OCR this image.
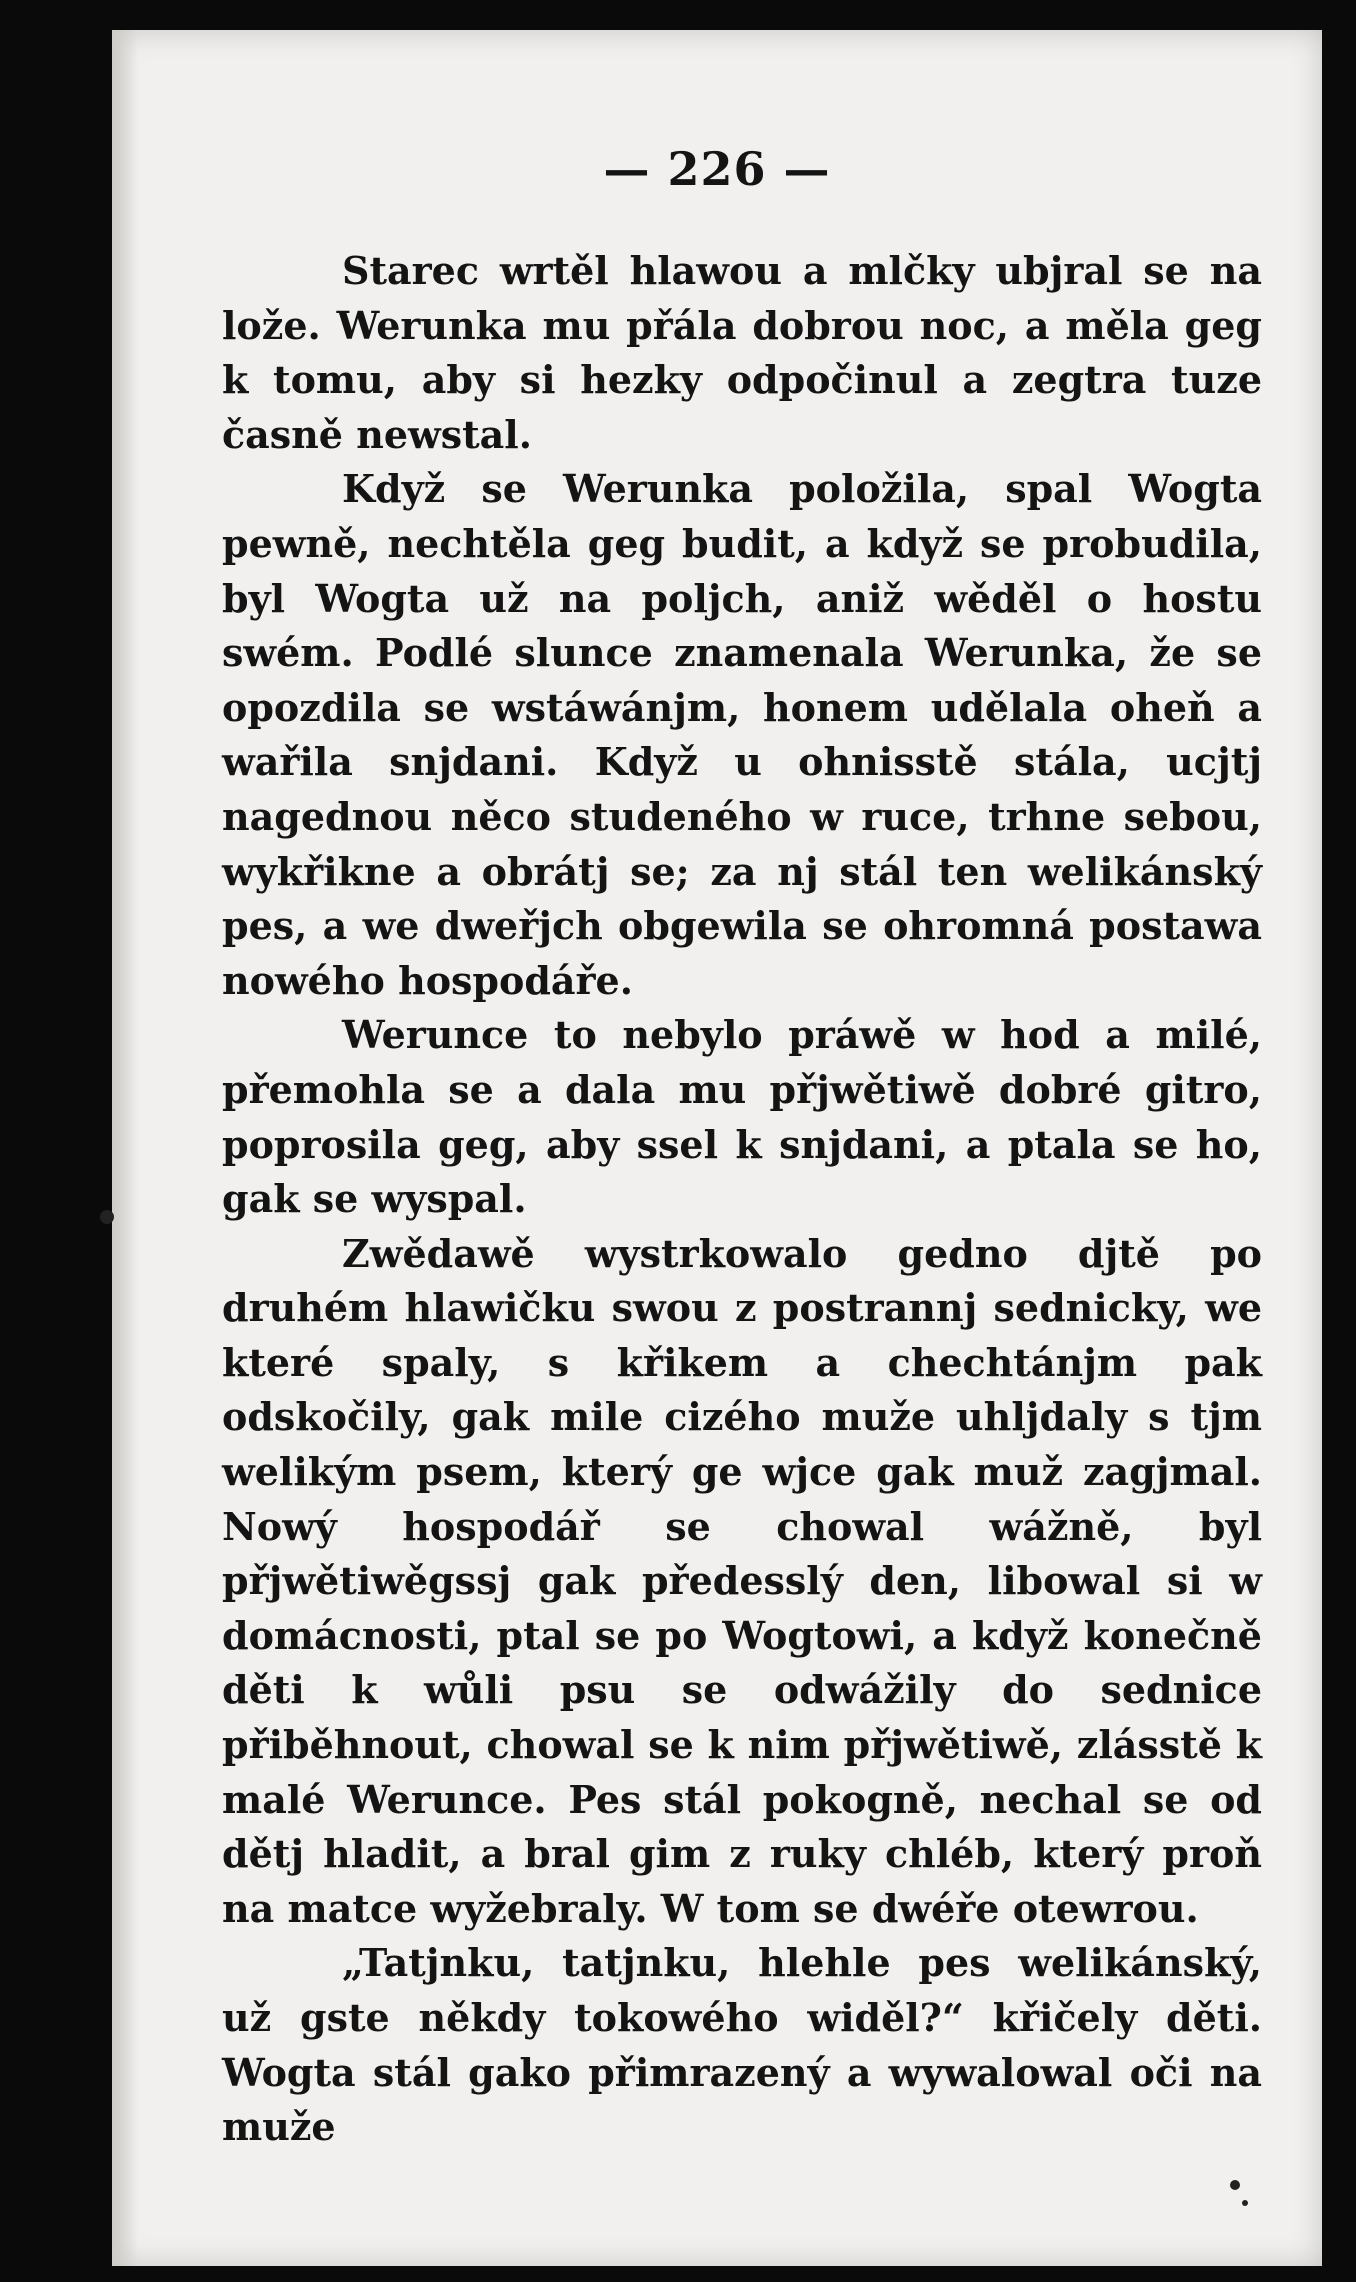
— 226 —

Starec wrtěl hlawou a mlčky ubjral se na lože. Werunka mu přála dobrou noc, a měla geg k tomu, aby si hezky odpočinul a zegtra tuze časně newstal.

Když se Werunka položila, spal Wogta pewně, nechtěla geg budit, a když se probudila, byl Wogta už na poljch, aniž wěděl o hostu swém. Podlé slunce znamenala Werunka, že se opozdila se wstáwánjm, honem udělala oheň a wařila snjdani. Když u ohnisstě stála, ucjtj nagednou něco studeného w ruce, trhne sebou, wykřikne a obrátj se; za nj stál ten welikánský pes, a we dweřjch obgewila se ohromná postawa nowého hospodáře.

Werunce to nebylo práwě w hod a milé, přemohla se a dala mu přjwětiwě dobré gitro, poprosila geg, aby ssel k snjdani, a ptala se ho, gak se wyspal.

Zwědawě wystrkowalo gedno djtě po druhém hlawičku swou z postrannj sednicky, we které spaly, s křikem a chechtánjm pak odskočily, gak mile cizého muže uhljdaly s tjm welikým psem, který ge wjce gak muž zagjmal. Nowý hospodář se chowal wážně, byl přjwětiwěgssj gak předesslý den, libowal si w domácnosti, ptal se po Wogtowi, a když konečně děti k wůli psu se odwážily do sednice přiběhnout, chowal se k nim přjwětiwě, zlásstě k malé Werunce. Pes stál pokogně, nechal se od dětj hladit, a bral gim z ruky chléb, který proň na matce wyžebraly. W tom se dwéře otewrou.

„Tatjnku, tatjnku, hlehle pes welikánský, už gste někdy tokowého widěl?“ křičely děti. Wogta stál gako přimrazený a wywalowal oči na muže
